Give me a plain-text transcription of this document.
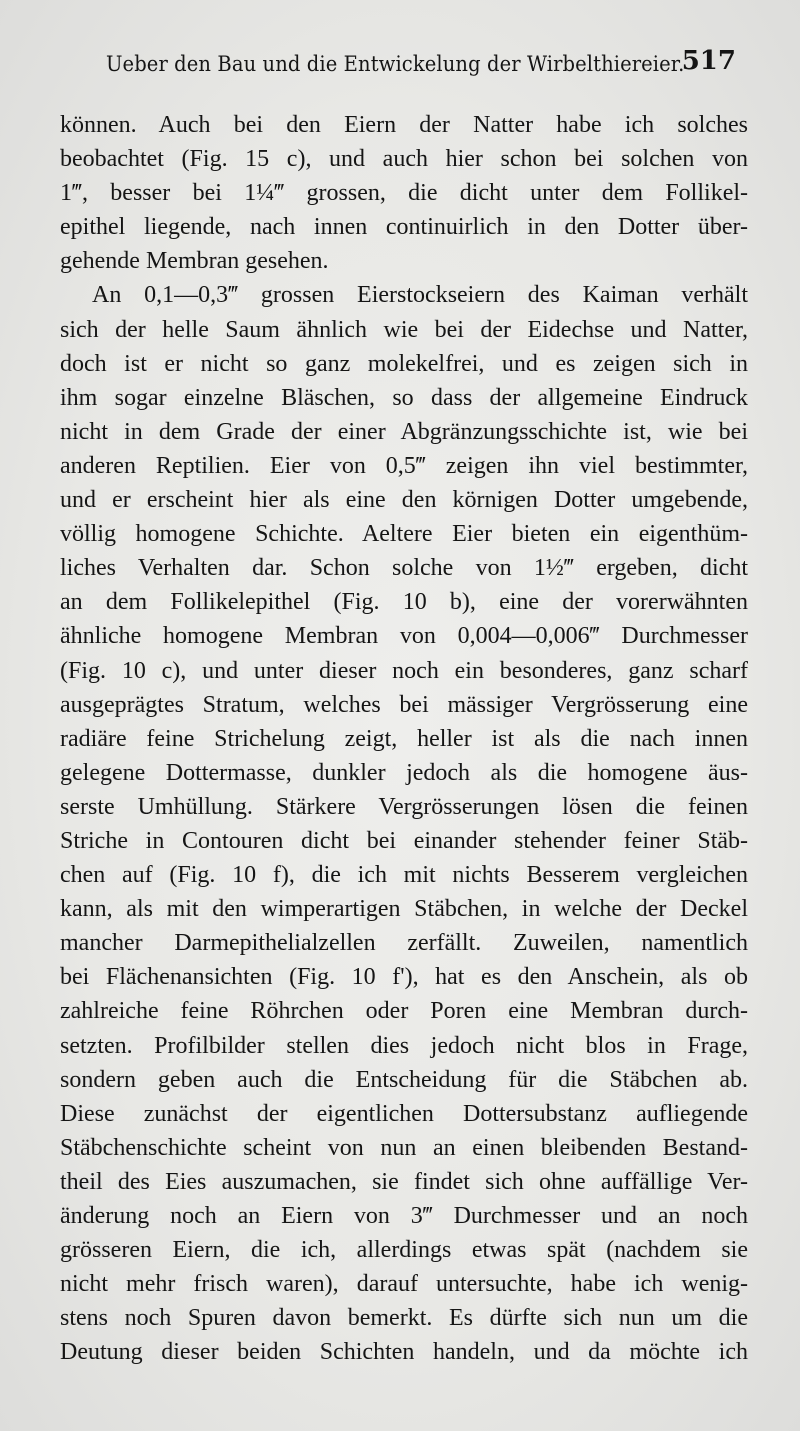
Ueber den Bau und die Entwickelung der Wirbelthiereier.
517
können. Auch bei den Eiern der Natter habe ich solches
beobachtet (Fig. 15 c), und auch hier schon bei solchen von
1‴, besser bei 1¼‴ grossen, die dicht unter dem Follikel-
epithel liegende, nach innen continuirlich in den Dotter über-
gehende Membran gesehen.
An 0,1—0,3‴ grossen Eierstockseiern des Kaiman verhält
sich der helle Saum ähnlich wie bei der Eidechse und Natter,
doch ist er nicht so ganz molekelfrei, und es zeigen sich in
ihm sogar einzelne Bläschen, so dass der allgemeine Eindruck
nicht in dem Grade der einer Abgränzungsschichte ist, wie bei
anderen Reptilien. Eier von 0,5‴ zeigen ihn viel bestimmter,
und er erscheint hier als eine den körnigen Dotter umgebende,
völlig homogene Schichte. Aeltere Eier bieten ein eigenthüm-
liches Verhalten dar. Schon solche von 1½‴ ergeben, dicht
an dem Follikelepithel (Fig. 10 b), eine der vorerwähnten
ähnliche homogene Membran von 0,004—0,006‴ Durchmesser
(Fig. 10 c), und unter dieser noch ein besonderes, ganz scharf
ausgeprägtes Stratum, welches bei mässiger Vergrösserung eine
radiäre feine Strichelung zeigt, heller ist als die nach innen
gelegene Dottermasse, dunkler jedoch als die homogene äus-
serste Umhüllung. Stärkere Vergrösserungen lösen die feinen
Striche in Contouren dicht bei einander stehender feiner Stäb-
chen auf (Fig. 10 f), die ich mit nichts Besserem vergleichen
kann, als mit den wimperartigen Stäbchen, in welche der Deckel
mancher Darmepithelialzellen zerfällt. Zuweilen, namentlich
bei Flächenansichten (Fig. 10 f'), hat es den Anschein, als ob
zahlreiche feine Röhrchen oder Poren eine Membran durch-
setzten. Profilbilder stellen dies jedoch nicht blos in Frage,
sondern geben auch die Entscheidung für die Stäbchen ab.
Diese zunächst der eigentlichen Dottersubstanz aufliegende
Stäbchenschichte scheint von nun an einen bleibenden Bestand-
theil des Eies auszumachen, sie findet sich ohne auffällige Ver-
änderung noch an Eiern von 3‴ Durchmesser und an noch
grösseren Eiern, die ich, allerdings etwas spät (nachdem sie
nicht mehr frisch waren), darauf untersuchte, habe ich wenig-
stens noch Spuren davon bemerkt. Es dürfte sich nun um die
Deutung dieser beiden Schichten handeln, und da möchte ich
